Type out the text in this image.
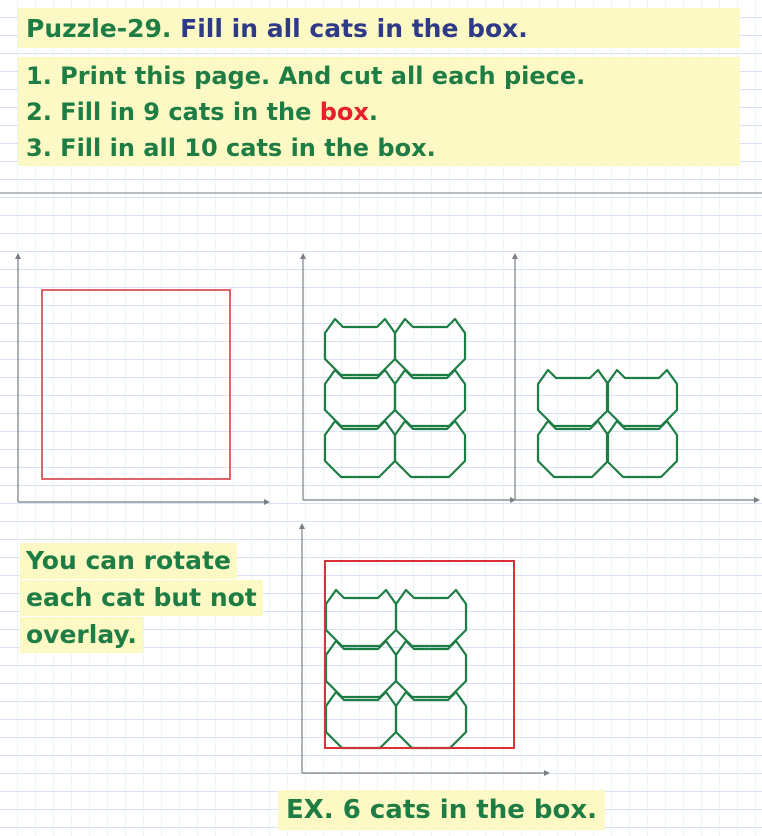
Puzzle-29. Fill in all cats in the box.
1. Print this page. And cut all each piece.
2. Fill in 9 cats in the box.
3. Fill in all 10 cats in the box.
You can rotate
each cat but not
overlay.
EX. 6 cats in the box.
